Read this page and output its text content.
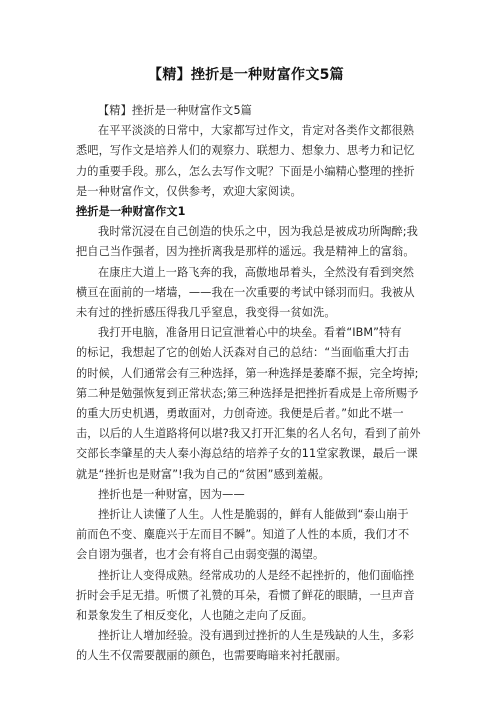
【精】挫折是一种财富作文5篇
【精】挫折是一种财富作文5篇
在平平淡淡的日常中，大家都写过作文，肯定对各类作文都很熟
悉吧，写作文是培养人们的观察力、联想力、想象力、思考力和记忆
力的重要手段。那么，怎么去写作文呢？下面是小编精心整理的挫折
是一种财富作文，仅供参考，欢迎大家阅读。
挫折是一种财富作文1
我时常沉浸在自己创造的快乐之中，因为我总是被成功所陶醉;我
把自己当作强者，因为挫折离我是那样的遥远。我是精神上的富翁。
在康庄大道上一路飞奔的我，高傲地昂着头，全然没有看到突然
横亘在面前的一堵墙，——我在一次重要的考试中铩羽而归。我被从
未有过的挫折感压得我几乎窒息，我变得一贫如洗。
我打开电脑，准备用日记宣泄着心中的块垒。看着“IBM”特有
的标记，我想起了它的创始人沃森对自己的总结：“当面临重大打击
的时候，人们通常会有三种选择，第一种选择是萎靡不振，完全垮掉;
第二种是勉强恢复到正常状态;第三种选择是把挫折看成是上帝所赐予
的重大历史机遇，勇敢面对，力创奇迹。我便是后者。”如此不堪一
击，以后的人生道路将何以堪?我又打开汇集的名人名句，看到了前外
交部长李肇星的夫人秦小海总结的培养子女的11堂家教课，最后一课
就是“挫折也是财富”!我为自己的“贫困”感到羞赧。
挫折也是一种财富，因为——
挫折让人读懂了人生。人性是脆弱的，鲜有人能做到“泰山崩于
前而色不变、麋鹿兴于左而目不瞬”。知道了人性的本质，我们才不
会自诩为强者，也才会有将自己由弱变强的渴望。
挫折让人变得成熟。经常成功的人是经不起挫折的，他们面临挫
折时会手足无措。听惯了礼赞的耳朵，看惯了鲜花的眼睛，一旦声音
和景象发生了相反变化，人也随之走向了反面。
挫折让人增加经验。没有遇到过挫折的人生是残缺的人生，多彩
的人生不仅需要靓丽的颜色，也需要晦暗来衬托靓丽。
